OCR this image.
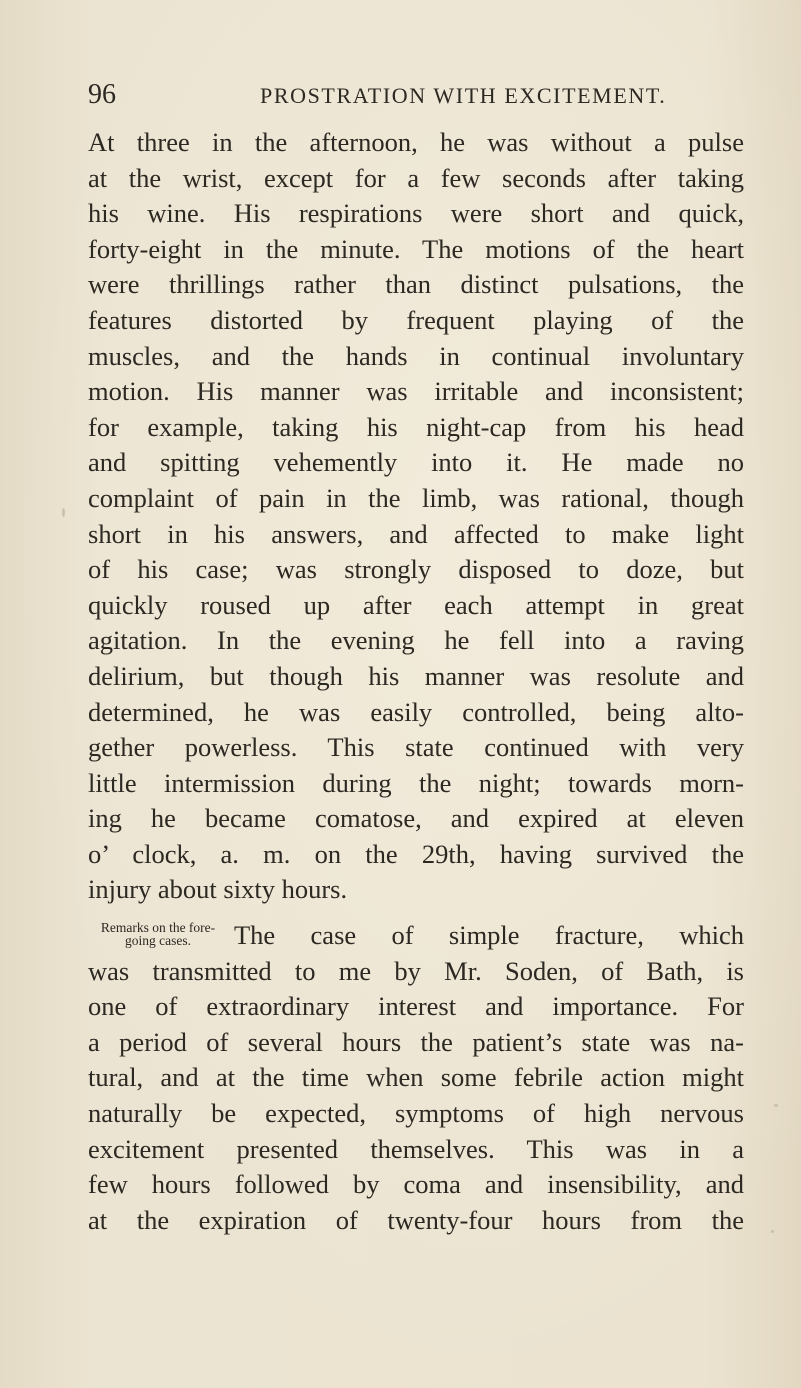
96	PROSTRATION WITH EXCITEMENT.
At three in the afternoon, he was without a pulse
at the wrist, except for a few seconds after taking
his wine. His respirations were short and quick,
forty-eight in the minute. The motions of the heart
were thrillings rather than distinct pulsations, the
features distorted by frequent playing of the
muscles, and the hands in continual involuntary
motion. His manner was irritable and inconsistent;
for example, taking his night-cap from his head
and spitting vehemently into it. He made no
complaint of pain in the limb, was rational, though
short in his answers, and affected to make light
of his case; was strongly disposed to doze, but
quickly roused up after each attempt in great
agitation. In the evening he fell into a raving
delirium, but though his manner was resolute and
determined, he was easily controlled, being alto-
gether powerless. This state continued with very
little intermission during the night; towards morn-
ing he became comatose, and expired at eleven
o’ clock, a. m. on the 29th, having survived the
injury about sixty hours.
Remarks on the fore-
going cases.	The case of simple fracture, which
was transmitted to me by Mr. Soden, of Bath, is
one of extraordinary interest and importance. For
a period of several hours the patient’s state was na-
tural, and at the time when some febrile action might
naturally be expected, symptoms of high nervous
excitement presented themselves. This was in a
few hours followed by coma and insensibility, and
at the expiration of twenty-four hours from the
